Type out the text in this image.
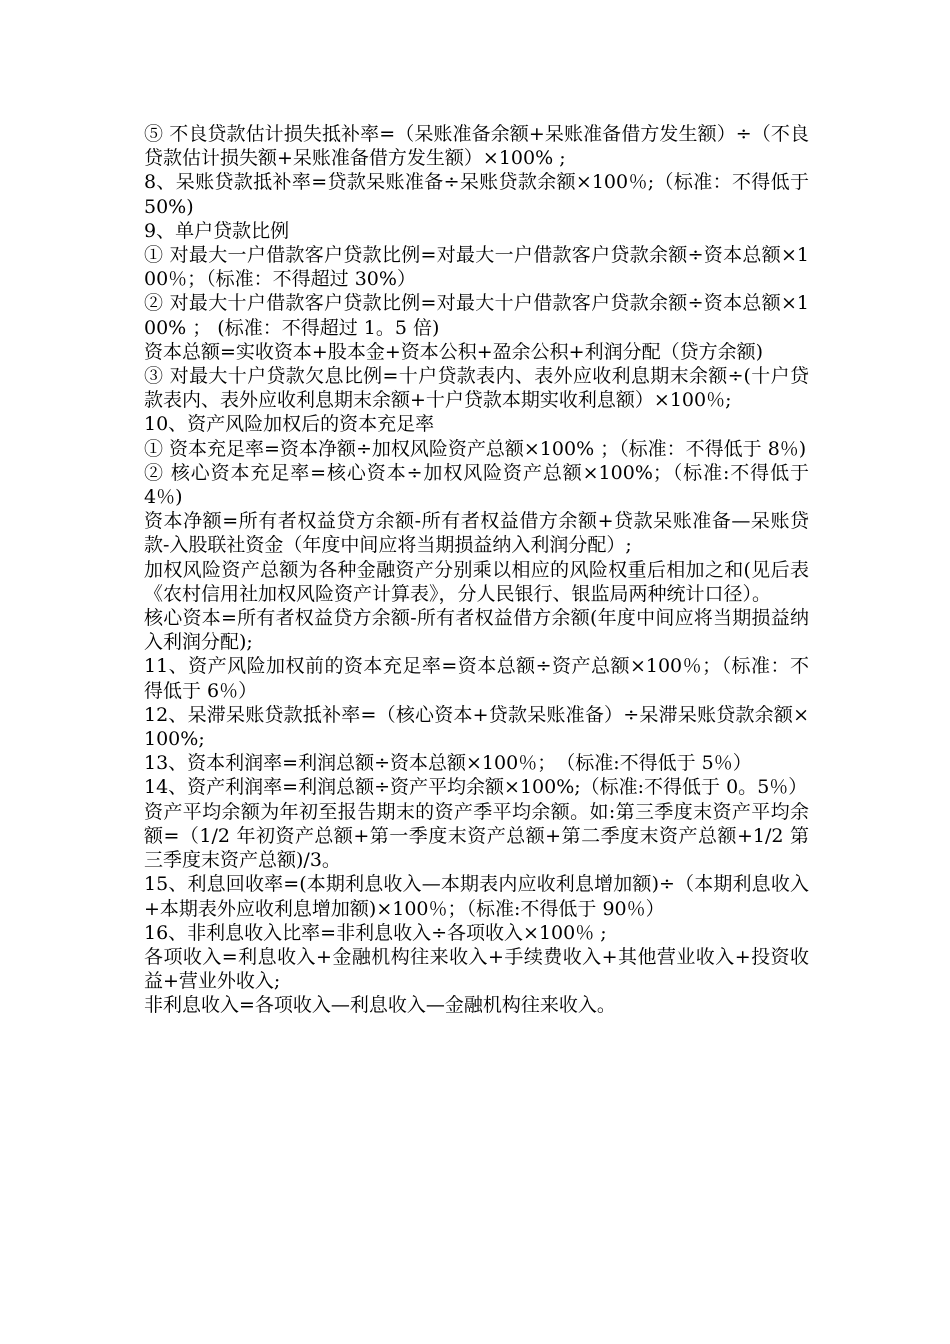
⑤ 不良贷款估计损失抵补率=（呆账准备余额+呆账准备借方发生额）÷（不良贷款估计损失额+呆账准备借方发生额）×100% ;

8、呆账贷款抵补率=贷款呆账准备÷呆账贷款余额×100％;（标准：不得低于 50%)

9、单户贷款比例

① 对最大一户借款客户贷款比例=对最大一户借款客户贷款余额÷资本总额×100％；（标准：不得超过 30%）

② 对最大十户借款客户贷款比例=对最大十户借款客户贷款余额÷资本总额×100% ； (标准：不得超过 1。5 倍)

资本总额=实收资本+股本金+资本公积+盈余公积+利润分配（贷方余额)

③ 对最大十户贷款欠息比例=十户贷款表内、表外应收利息期末余额÷(十户贷款表内、表外应收利息期末余额+十户贷款本期实收利息额）×100％;

10、资产风险加权后的资本充足率

① 资本充足率=资本净额÷加权风险资产总额×100% ；（标准：不得低于 8％)

② 核心资本充足率=核心资本÷加权风险资产总额×100%；（标准:不得低于 4％)

资本净额=所有者权益贷方余额-所有者权益借方余额+贷款呆账准备—呆账贷款-入股联社资金（年度中间应将当期损益纳入利润分配）;

加权风险资产总额为各种金融资产分别乘以相应的风险权重后相加之和(见后表《农村信用社加权风险资产计算表》，分人民银行、银监局两种统计口径）。

核心资本=所有者权益贷方余额-所有者权益借方余额(年度中间应将当期损益纳入利润分配);

11、资产风险加权前的资本充足率=资本总额÷资产总额×100％；（标准：不得低于 6％）

12、呆滞呆账贷款抵补率=（核心资本+贷款呆账准备）÷呆滞呆账贷款余额×100%;

13、资本利润率=利润总额÷资本总额×100％；　（标准:不得低于 5％）

14、资产利润率=利润总额÷资产平均余额×100%;（标准:不得低于 0。5％）

资产平均余额为年初至报告期末的资产季平均余额。如:第三季度末资产平均余额=（1/2 年初资产总额+第一季度末资产总额+第二季度末资产总额+1/2 第三季度末资产总额)/3。

15、利息回收率=(本期利息收入—本期表内应收利息增加额)÷（本期利息收入+本期表外应收利息增加额)×100％；（标准:不得低于 90％）

16、非利息收入比率=非利息收入÷各项收入×100％ ;

各项收入=利息收入+金融机构往来收入+手续费收入+其他营业收入+投资收益+营业外收入;

非利息收入=各项收入—利息收入—金融机构往来收入。
